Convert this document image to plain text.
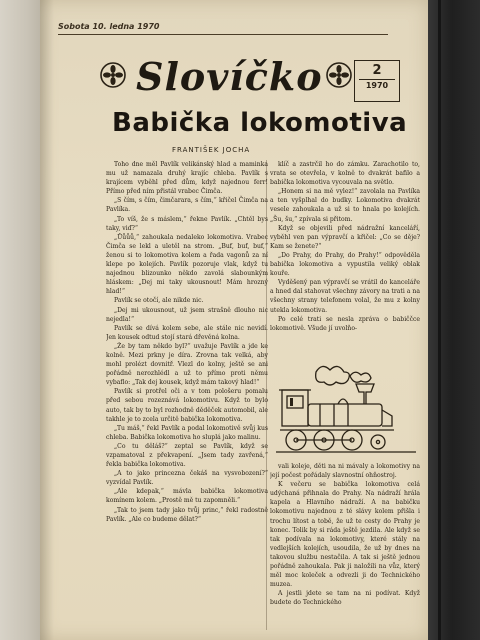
Sobota 10. ledna 1970
Slovíčko	2
1970
Babička lokomotiva
FRANTIŠEK JOCHA

Toho dne měl Pavlík velikánský hlad a maminka mu už namazala druhý krajíc chleba. Pavlík s krajícem vyběhl před dům, když najednou ferr! Přímo před ním přistál vrabec Čimča.

„S čím, s čím, čimčarara, s čím,“ křičel Čimča na Pavlíka.

„To víš, že s máslem,“ řekne Pavlík. „Chtěl bys taky, viď?“

„Ůůůů,“ zahoukala nedaleko lokomotiva. Vrabec Čimča se lekl a uletěl na strom. „Buf, buf, buf,“ ženou si to lokomotiva kolem a řada vagonů za ní klepe po kolejích. Pavlík pozoruje vlak, když tu najednou blizounko někdo zavolá slabounkým hláskem: „Dej mi taky ukousnout! Mám hrozný hlad!“

Pavlík se otočí, ale nikde nic.

„Dej mi ukousnout, už jsem strašně dlouho nic nejedla!“

Pavlík se dívá kolem sebe, ale stále nic nevidí. Jen kousek odtud stojí stará dřevěná kolna.

„Že by tam někdo byl?“ uvažuje Pavlík a jde ke kolně. Mezi prkny je díra. Zrovna tak velká, aby mohl prolézt dovnitř. Vlezl do kolny, ještě se ani pořádně nerozhlédl a už to přímo proti němu vybaflo: „Tak dej kousek, když mám takový hlad!“

Pavlík si protřel oči a v tom pološeru pomalu před sebou rozeznává lokomotivu. Když to bylo auto, tak by to byl rozhodně děděček automobil, ale takhle je to zcela určitě babička lokomotiva.

„Tu máš,“ řekl Pavlík a podal lokomotivě svůj kus chleba. Babička lokomotiva ho sluplá jako malinu.

„Co tu děláš?“ zeptal se Pavlík, když se vzpamatoval z překvapení. „Jsem tady zavřená,“ řekla babička lokomotiva.

„A to jako princezna čekáš na vysvobození?“ vyzvídal Pavlík.

„Ale kdepak,“ mávla babička lokomotiva komínem kolem. „Prostě mě tu zapomněli.“

„Tak to jsem tady jako tvůj princ,“ řekl radostně Pavlík. „Ale co budeme dělat?“

klíč a zastrčil ho do zámku. Zarachotilo to, vrata se otevřela, v kolně to dvakrát bafilo a babička lokomotiva vycouvala na světlo.

„Honem si na mě vylez!“ zavolala na Pavlíka a ten vyšplhal do budky. Lokomotiva dvakrát vesele zahoukala a už si to hnala po kolejích. „Šu, šu,“ zpívala si přitom.

Když se objevili před nádražní kanceláří, vyběhl ven pan výpravčí a křičel: „Co se děje? Kam se ženete?“

„Do Prahy, do Prahy, do Prahy!“ odpověděla babička lokomotiva a vypustila veliký oblak kouře.

Vyděšený pan výpravčí se vrátil do kanceláře a hned dal stahovat všechny závory na trati a na všechny strany telefonem volal, že mu z kolny utekla lokomotiva.

Po celé trati se nesla zpráva o babiččce lokomotivě. Všude jí uvolňo-

vali koleje, děti na ni mávaly a lokomotivy na její počest pořádaly slavnostní ohňostroj.

K večeru se babička lokomotiva celá udýchaná přihnala do Prahy. Na nádraží hrála kapela a Hlavního nádraží. A na babičku lokomotivu najednou z té slávy kolem přišla i trochu lítost a tobě, že už te cesty do Prahy je konec. Tolik by si ráda ještě jezdila. Ale když se tak podívala na lokomotivy, které stály na vedlejších kolejích, usoudila, že už by dnes na takovou službu nestačila. A tak si ještě jednou pořádně zahoukala. Pak ji naložili na vůz, který měl moc koleček a odvezli ji do Technického muzea.

A jestli jdete se tam na ni podívat. Když budete do Technického
